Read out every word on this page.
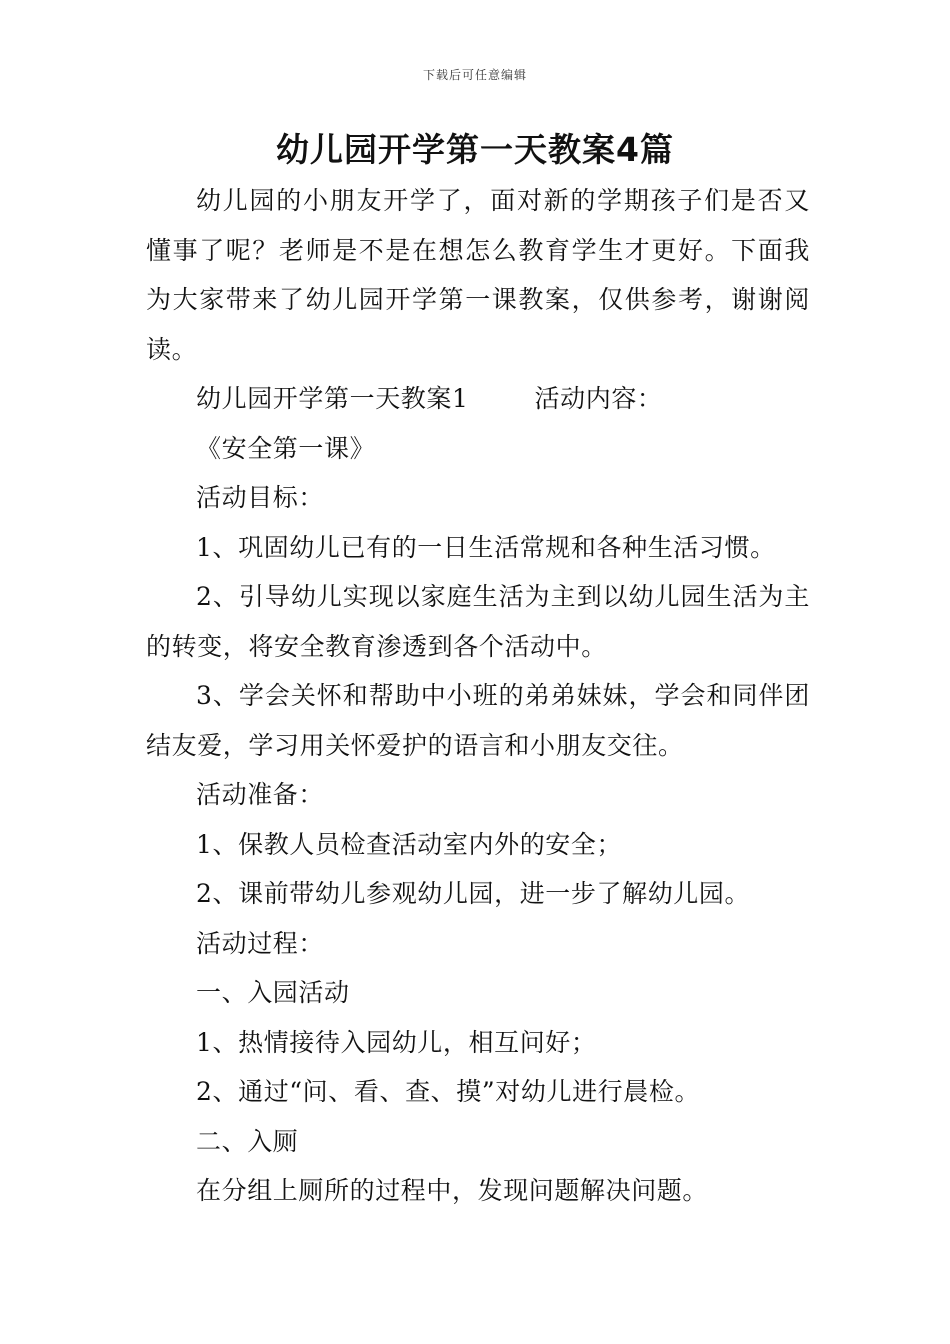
下载后可任意编辑
幼儿园开学第一天教案4篇

幼儿园的小朋友开学了，面对新的学期孩子们是否又懂事了呢？老师是不是在想怎么教育学生才更好。下面我为大家带来了幼儿园开学第一课教案，仅供参考，谢谢阅读。

幼儿园开学第一天教案1	活动内容：

《安全第一课》

活动目标：

1、巩固幼儿已有的一日生活常规和各种生活习惯。

2、引导幼儿实现以家庭生活为主到以幼儿园生活为主的转变，将安全教育渗透到各个活动中。

3、学会关怀和帮助中小班的弟弟妹妹，学会和同伴团结友爱，学习用关怀爱护的语言和小朋友交往。

活动准备：

1、保教人员检查活动室内外的安全；

2、课前带幼儿参观幼儿园，进一步了解幼儿园。

活动过程：

一、入园活动

1、热情接待入园幼儿，相互问好；

2、通过“问、看、查、摸”对幼儿进行晨检。

二、入厕

在分组上厕所的过程中，发现问题解决问题。
